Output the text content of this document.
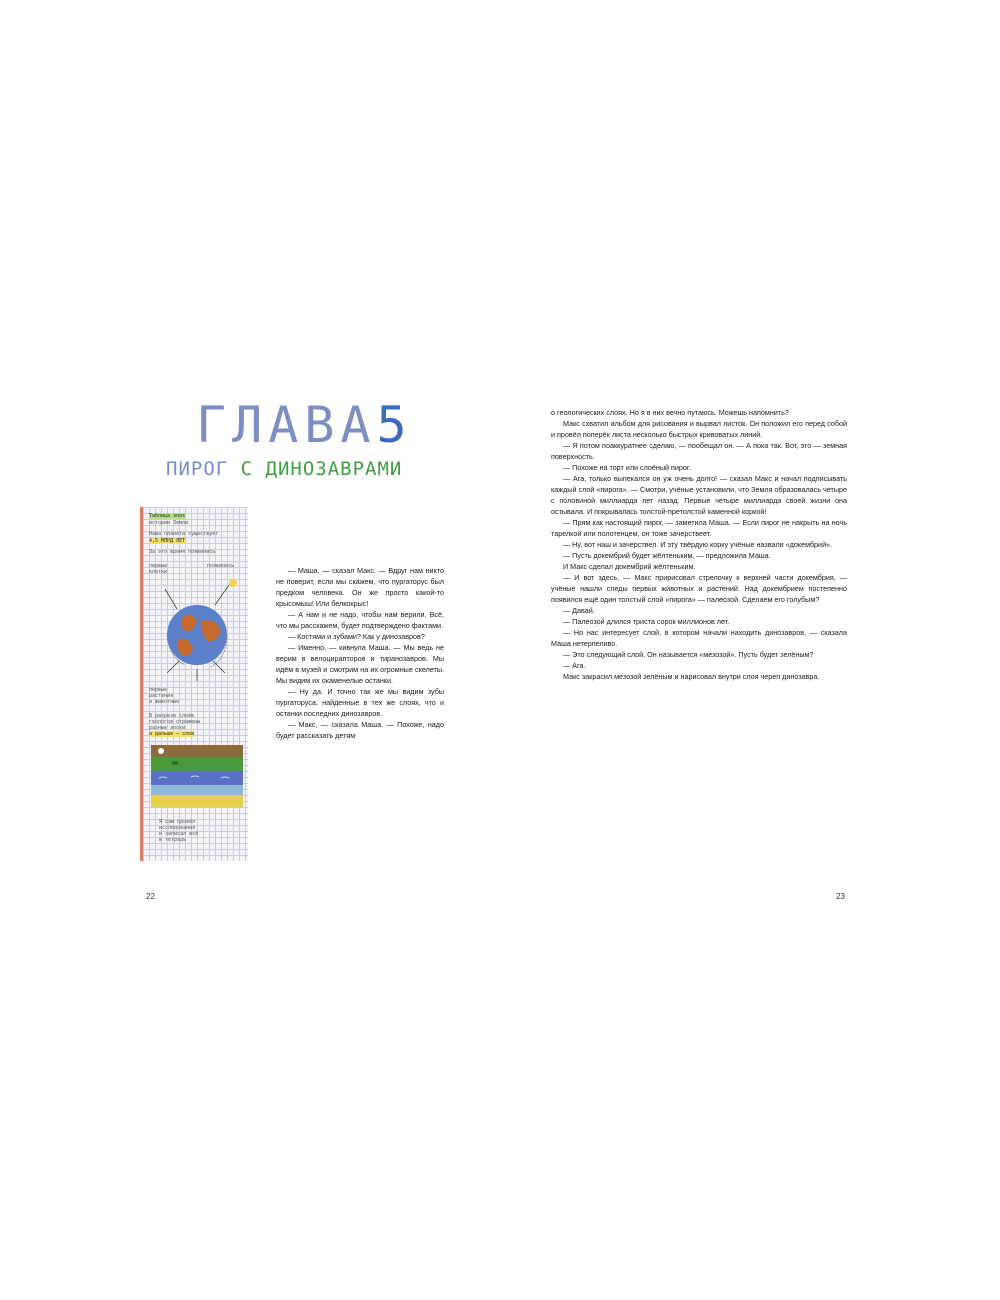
ГЛАВА5
ПИРОГ С ДИНОЗАВРАМИ
Таблица эпох
истории Земли
Наша планета существует
4,5 МЛРД ЛЕТ
За это время появились
первые
клетки
появились
первые
растения
и животные
В разрезе слоёв
геологов отражены
разные эпохи
а дальше — слои
Я сам провёл
исследования
и записал всё
в тетрадь

— Маша, — сказал Макс. — Вдруг нам никто не поверит, если мы скажем, что пургаторус был предком человека. Он же просто какой-то крысомыш! Или белкокрыс!

— А нам и не надо, чтобы нам верили. Всё, что мы расскажем, будет подтверждено фактами.

— Костями и зубами? Как у динозавров?

— Именно, — кивнула Маша. — Мы ведь не верим в велоцирапторов и тиранозавров. Мы идём в музей и смотрим на их огромные скелеты. Мы видим их окаменелые останки.

— Ну да. И точно так же мы видим зубы пургаторуса, найденные в тех же слоях, что и останки последних динозавров.

— Макс, — сказала Маша. — Похоже, надо будет рассказать детям

22	23

о геологических слоях. Но я в них вечно путаюсь. Можешь напомнить?

Макс схватил альбом для рисования и вырвал листок. Он положил его перед собой и провёл поперёк листа несколько быстрых кривоватых линий.

— Я потом поаккуратнее сделаю, — пообещал он. — А пока так. Вот, это — земная поверхность.

— Похоже на торт или слоёный пирог.

— Ага, только выпекался он уж очень долго! — сказал Макс и начал подписывать каждый слой «пирога». — Смотри, учёные установили, что Земля образовалась четыре с половиной миллиарда лет назад. Первые четыре миллиарда своей жизни она остывала. И покрывалась толстой-претолстой каменной коркой!

— Прям как настоящий пирог, — заметила Маша. — Если пирог не накрыть на ночь тарелкой или полотенцем, он тоже зачерствеет.

— Ну, вот наш и зачерствел. И эту твёрдую корку учёные назвали «докембрий».

— Пусть докембрий будет жёлтеньким, — предложила Маша.

И Макс сделал докембрий жёлтеньким.

— И вот здесь, — Макс пририсовал стрелочку к верхней части докембрия, — учёные нашли следы первых животных и растений. Над докембрием постепенно появился ещё один толстый слой «пирога» — палеозой. Сделаем его голубым?

— Давай.

— Палеозой длился триста сорок миллионов лет.

— Но нас интересует слой, в котором начали находить динозавров, — сказала Маша нетерпеливо.

— Это следующий слой. Он называется «мезозой». Пусть будет зелёным?

— Ага.

Макс закрасил мезозой зелёным и нарисовал внутри слоя череп динозавра.
